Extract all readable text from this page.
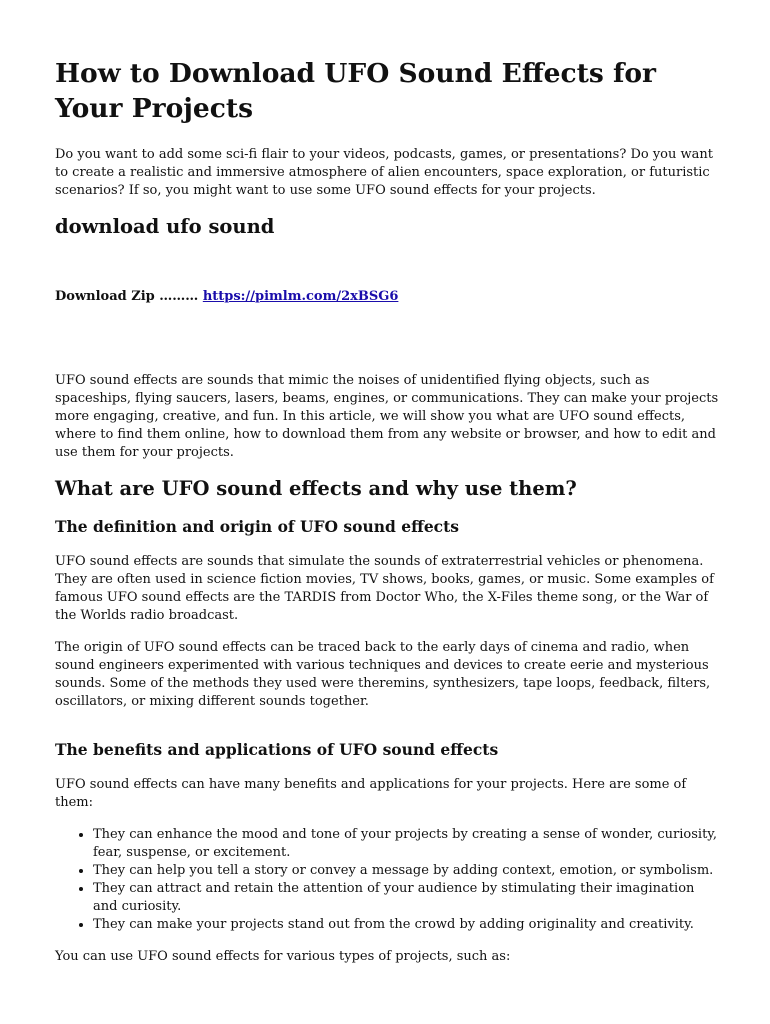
How to Download UFO Sound Effects for Your Projects

Do you want to add some sci-fi flair to your videos, podcasts, games, or presentations? Do you want to create a realistic and immersive atmosphere of alien encounters, space exploration, or futuristic scenarios? If so, you might want to use some UFO sound effects for your projects.

download ufo sound
Download Zip ……… https://pimlm.com/2xBSG6

UFO sound effects are sounds that mimic the noises of unidentified flying objects, such as spaceships, flying saucers, lasers, beams, engines, or communications. They can make your projects more engaging, creative, and fun. In this article, we will show you what are UFO sound effects, where to find them online, how to download them from any website or browser, and how to edit and use them for your projects.

What are UFO sound effects and why use them?
The definition and origin of UFO sound effects

UFO sound effects are sounds that simulate the sounds of extraterrestrial vehicles or phenomena. They are often used in science fiction movies, TV shows, books, games, or music. Some examples of famous UFO sound effects are the TARDIS from Doctor Who, the X-Files theme song, or the War of the Worlds radio broadcast.

The origin of UFO sound effects can be traced back to the early days of cinema and radio, when sound engineers experimented with various techniques and devices to create eerie and mysterious sounds. Some of the methods they used were theremins, synthesizers, tape loops, feedback, filters, oscillators, or mixing different sounds together.

The benefits and applications of UFO sound effects

UFO sound effects can have many benefits and applications for your projects. Here are some of them:

• They can enhance the mood and tone of your projects by creating a sense of wonder, curiosity, fear, suspense, or excitement.
• They can help you tell a story or convey a message by adding context, emotion, or symbolism.
• They can attract and retain the attention of your audience by stimulating their imagination and curiosity.
• They can make your projects stand out from the crowd by adding originality and creativity.

You can use UFO sound effects for various types of projects, such as:
